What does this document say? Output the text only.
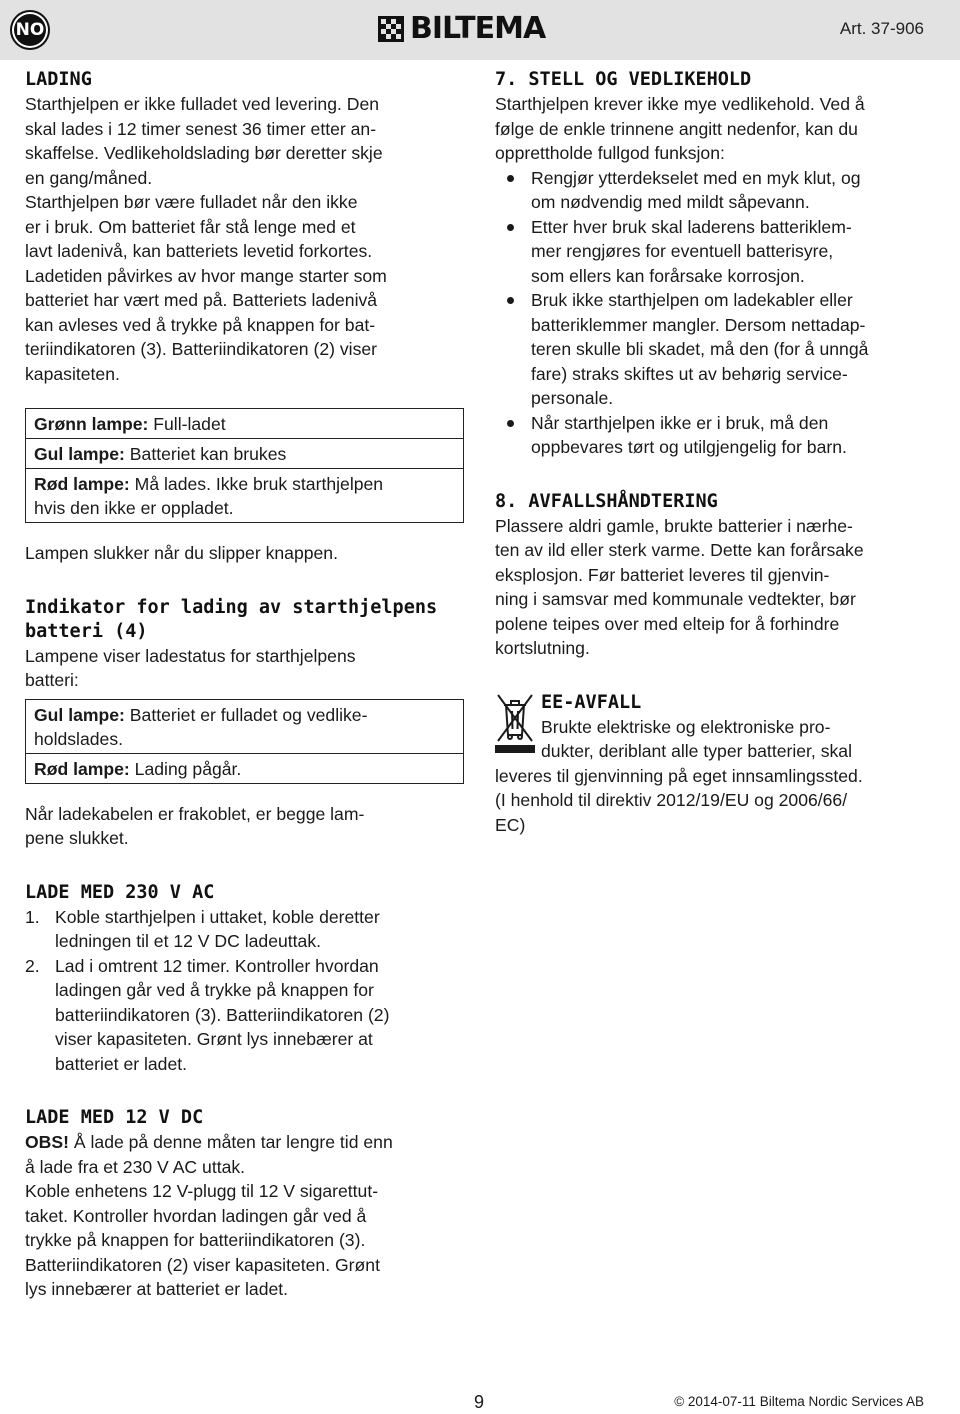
NO	BILTEMA	Art. 37-906
LADING
Starthjelpen er ikke fulladet ved levering. Den
skal lades i 12 timer senest 36 timer etter an-
skaffelse. Vedlikeholdslading bør deretter skje
en gang/måned.
Starthjelpen bør være fulladet når den ikke
er i bruk. Om batteriet får stå lenge med et
lavt ladenivå, kan batteriets levetid forkortes.
Ladetiden påvirkes av hvor mange starter som
batteriet har vært med på. Batteriets ladenivå
kan avleses ved å trykke på knappen for bat-
teriindikatoren (3). Batteriindikatoren (2) viser
kapasiteten.
Grønn lampe: Full-ladet
Gul lampe: Batteriet kan brukes
Rød lampe: Må lades. Ikke bruk starthjelpen
hvis den ikke er oppladet.

Lampen slukker når du slipper knappen.

Indikator for lading av starthjelpens
batteri (4)
Lampene viser ladestatus for starthjelpens
batteri:
Gul lampe: Batteriet er fulladet og vedlike-
holdslades.
Rød lampe: Lading pågår.
Når ladekabelen er frakoblet, er begge lam-
pene slukket.
LADE MED 230 V AC
1. Koble starthjelpen i uttaket, koble deretter
ledningen til et 12 V DC ladeuttak.
2. Lad i omtrent 12 timer. Kontroller hvordan
ladingen går ved å trykke på knappen for
batteriindikatoren (3). Batteriindikatoren (2)
viser kapasiteten. Grønt lys innebærer at
batteriet er ladet.
LADE MED 12 V DC
OBS! Å lade på denne måten tar lengre tid enn
å lade fra et 230 V AC uttak.
Koble enhetens 12 V-plugg til 12 V sigarettut-
taket. Kontroller hvordan ladingen går ved å
trykke på knappen for batteriindikatoren (3).
Batteriindikatoren (2) viser kapasiteten. Grønt
lys innebærer at batteriet er ladet.
7. STELL OG VEDLIKEHOLD
Starthjelpen krever ikke mye vedlikehold. Ved å
følge de enkle trinnene angitt nedenfor, kan du
opprettholde fullgod funksjon:
Rengjør ytterdekselet med en myk klut, og
om nødvendig med mildt såpevann.
Etter hver bruk skal laderens batteriklem-
mer rengjøres for eventuell batterisyre,
som ellers kan forårsake korrosjon.
Bruk ikke starthjelpen om ladekabler eller
batteriklemmer mangler. Dersom nettadap-
teren skulle bli skadet, må den (for å unngå
fare) straks skiftes ut av behørig service-
personale.
Når starthjelpen ikke er i bruk, må den
oppbevares tørt og utilgjengelig for barn.
8. AVFALLSHÅNDTERING
Plassere aldri gamle, brukte batterier i nærhe-
ten av ild eller sterk varme. Dette kan forårsake
eksplosjon. Før batteriet leveres til gjenvin-
ning i samsvar med kommunale vedtekter, bør
polene teipes over med elteip for å forhindre
kortslutning.
EE-AVFALL
Brukte elektriske og elektroniske pro-
dukter, deriblant alle typer batterier, skal
leveres til gjenvinning på eget innsamlingssted.
(I henhold til direktiv 2012/19/EU og 2006/66/
EC)
9	© 2014-07-11 Biltema Nordic Services AB
